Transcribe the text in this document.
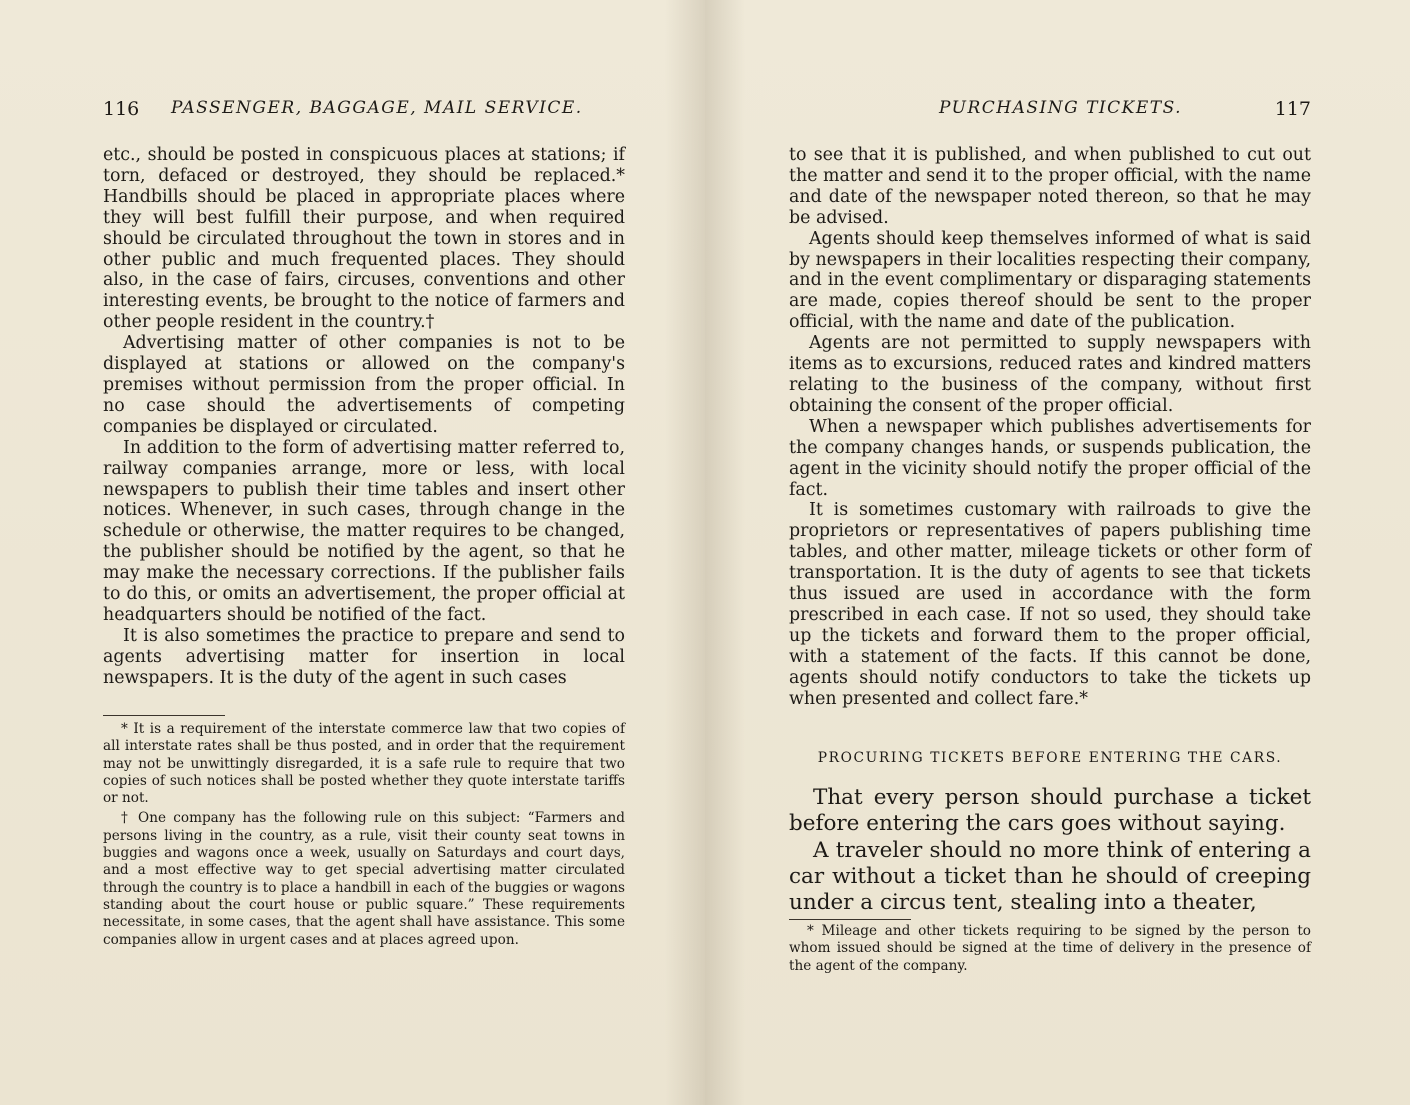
116 PASSENGER, BAGGAGE, MAIL SERVICE.

etc., should be posted in conspicuous places at stations; if torn, defaced or destroyed, they should be replaced.* Handbills should be placed in appropriate places where they will best fulfill their purpose, and when required should be circulated throughout the town in stores and in other public and much frequented places. They should also, in the case of fairs, circuses, conventions and other interesting events, be brought to the notice of farmers and other people resident in the country.†

Advertising matter of other companies is not to be displayed at stations or allowed on the company's premises without permission from the proper official. In no case should the advertisements of competing companies be displayed or circulated.

In addition to the form of advertising matter referred to, railway companies arrange, more or less, with local newspapers to publish their time tables and insert other notices. Whenever, in such cases, through change in the schedule or otherwise, the matter requires to be changed, the publisher should be notified by the agent, so that he may make the necessary corrections. If the publisher fails to do this, or omits an advertisement, the proper official at headquarters should be notified of the fact.

It is also sometimes the practice to prepare and send to agents advertising matter for insertion in local newspapers. It is the duty of the agent in such cases

* It is a requirement of the interstate commerce law that two copies of all interstate rates shall be thus posted, and in order that the requirement may not be unwittingly disregarded, it is a safe rule to require that two copies of such notices shall be posted whether they quote interstate tariffs or not.

† One company has the following rule on this subject: “Farmers and persons living in the country, as a rule, visit their county seat towns in buggies and wagons once a week, usually on Saturdays and court days, and a most effective way to get special advertising matter circulated through the country is to place a handbill in each of the buggies or wagons standing about the court house or public square.” These requirements necessitate, in some cases, that the agent shall have assistance. This some companies allow in urgent cases and at places agreed upon.

PURCHASING TICKETS.	117

to see that it is published, and when published to cut out the matter and send it to the proper official, with the name and date of the newspaper noted thereon, so that he may be advised.

Agents should keep themselves informed of what is said by newspapers in their localities respecting their company, and in the event complimentary or disparaging statements are made, copies thereof should be sent to the proper official, with the name and date of the publication.

Agents are not permitted to supply newspapers with items as to excursions, reduced rates and kindred matters relating to the business of the company, without first obtaining the consent of the proper official.

When a newspaper which publishes advertisements for the company changes hands, or suspends publication, the agent in the vicinity should notify the proper official of the fact.

It is sometimes customary with railroads to give the proprietors or representatives of papers publishing time tables, and other matter, mileage tickets or other form of transportation. It is the duty of agents to see that tickets thus issued are used in accordance with the form prescribed in each case. If not so used, they should take up the tickets and forward them to the proper official, with a statement of the facts. If this cannot be done, agents should notify conductors to take the tickets up when presented and collect fare.*

PROCURING TICKETS BEFORE ENTERING THE CARS.

That every person should purchase a ticket before entering the cars goes without saying.

A traveler should no more think of entering a car without a ticket than he should of creeping under a circus tent, stealing into a theater,

* Mileage and other tickets requiring to be signed by the person to whom issued should be signed at the time of delivery in the presence of the agent of the company.
